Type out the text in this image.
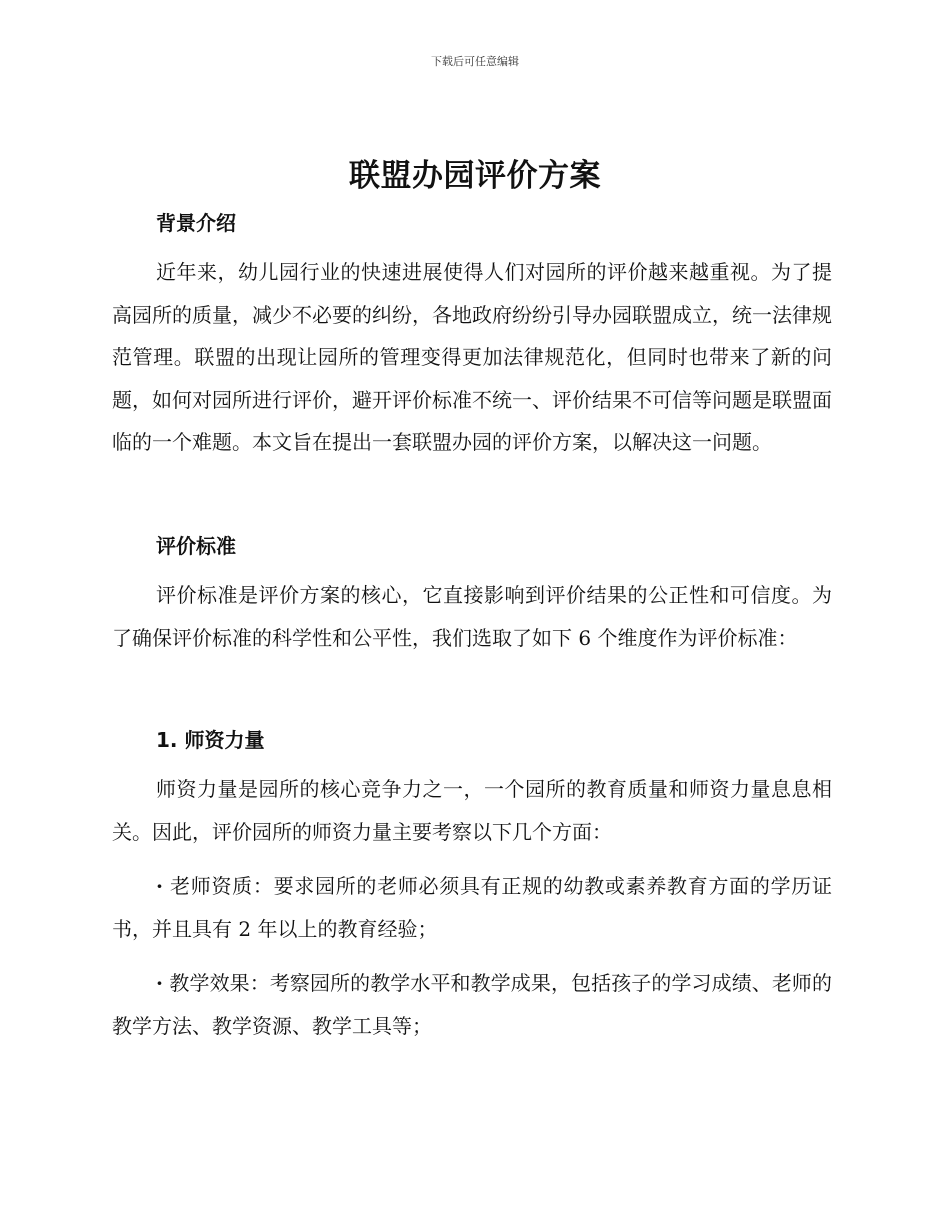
下载后可任意编辑
联盟办园评价方案
背景介绍
近年来，幼儿园行业的快速进展使得人们对园所的评价越来越重视。为了提高园所的质量，减少不必要的纠纷，各地政府纷纷引导办园联盟成立，统一法律规范管理。联盟的出现让园所的管理变得更加法律规范化，但同时也带来了新的问题，如何对园所进行评价，避开评价标准不统一、评价结果不可信等问题是联盟面临的一个难题。本文旨在提出一套联盟办园的评价方案，以解决这一问题。
评价标准
评价标准是评价方案的核心，它直接影响到评价结果的公正性和可信度。为了确保评价标准的科学性和公平性，我们选取了如下 6 个维度作为评价标准：
1. 师资力量
师资力量是园所的核心竞争力之一，一个园所的教育质量和师资力量息息相关。因此，评价园所的师资力量主要考察以下几个方面：
· 老师资质：要求园所的老师必须具有正规的幼教或素养教育方面的学历证书，并且具有 2 年以上的教育经验；
· 教学效果：考察园所的教学水平和教学成果，包括孩子的学习成绩、老师的教学方法、教学资源、教学工具等；
